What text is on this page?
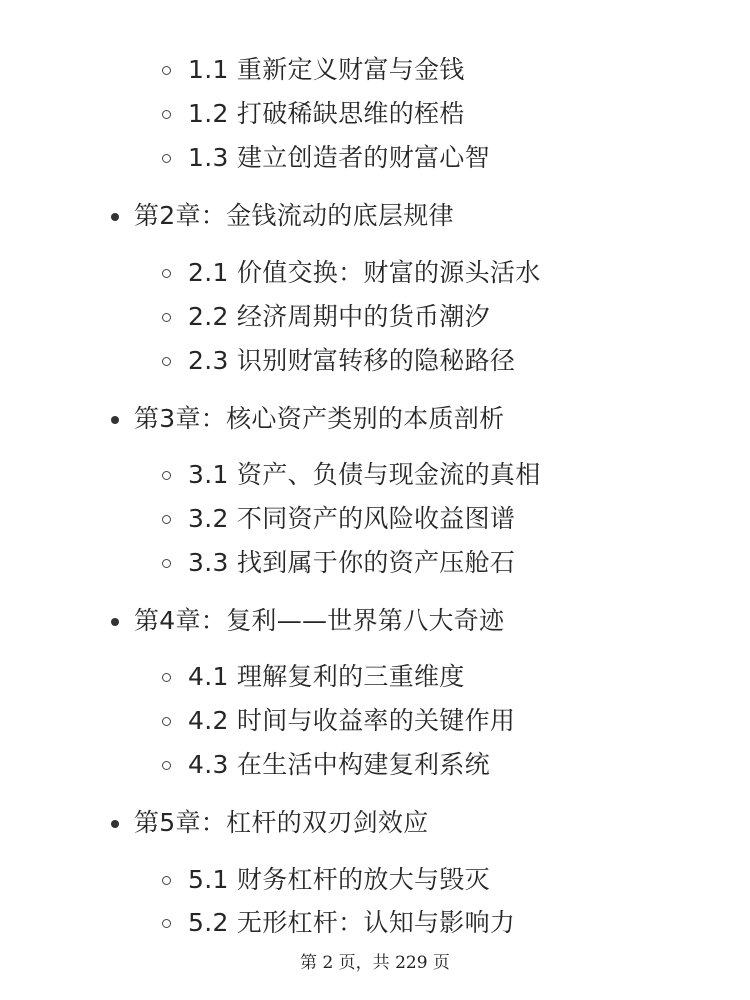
1.1 重新定义财富与金钱
1.2 打破稀缺思维的桎梏
1.3 建立创造者的财富心智
第2章：金钱流动的底层规律
2.1 价值交换：财富的源头活水
2.2 经济周期中的货币潮汐
2.3 识别财富转移的隐秘路径
第3章：核心资产类别的本质剖析
3.1 资产、负债与现金流的真相
3.2 不同资产的风险收益图谱
3.3 找到属于你的资产压舱石
第4章：复利——世界第八大奇迹
4.1 理解复利的三重维度
4.2 时间与收益率的关键作用
4.3 在生活中构建复利系统
第5章：杠杆的双刃剑效应
5.1 财务杠杆的放大与毁灭
5.2 无形杠杆：认知与影响力
第 2 页，共 229 页
